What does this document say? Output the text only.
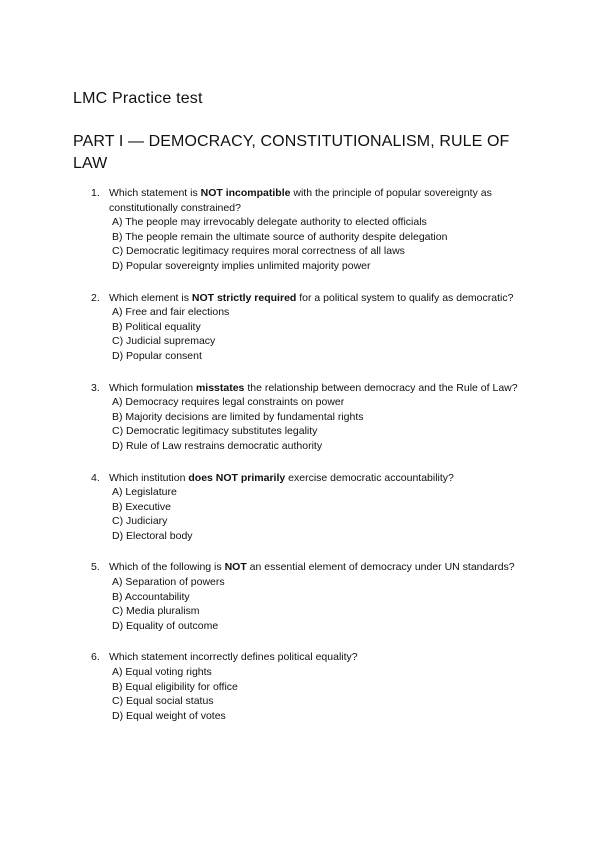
LMC Practice test
PART I — DEMOCRACY, CONSTITUTIONALISM, RULE OF LAW
1. Which statement is NOT incompatible with the principle of popular sovereignty as constitutionally constrained?
A) The people may irrevocably delegate authority to elected officials
B) The people remain the ultimate source of authority despite delegation
C) Democratic legitimacy requires moral correctness of all laws
D) Popular sovereignty implies unlimited majority power
2. Which element is NOT strictly required for a political system to qualify as democratic?
A) Free and fair elections
B) Political equality
C) Judicial supremacy
D) Popular consent
3. Which formulation misstates the relationship between democracy and the Rule of Law?
A) Democracy requires legal constraints on power
B) Majority decisions are limited by fundamental rights
C) Democratic legitimacy substitutes legality
D) Rule of Law restrains democratic authority
4. Which institution does NOT primarily exercise democratic accountability?
A) Legislature
B) Executive
C) Judiciary
D) Electoral body
5. Which of the following is NOT an essential element of democracy under UN standards?
A) Separation of powers
B) Accountability
C) Media pluralism
D) Equality of outcome
6. Which statement incorrectly defines political equality?
A) Equal voting rights
B) Equal eligibility for office
C) Equal social status
D) Equal weight of votes
